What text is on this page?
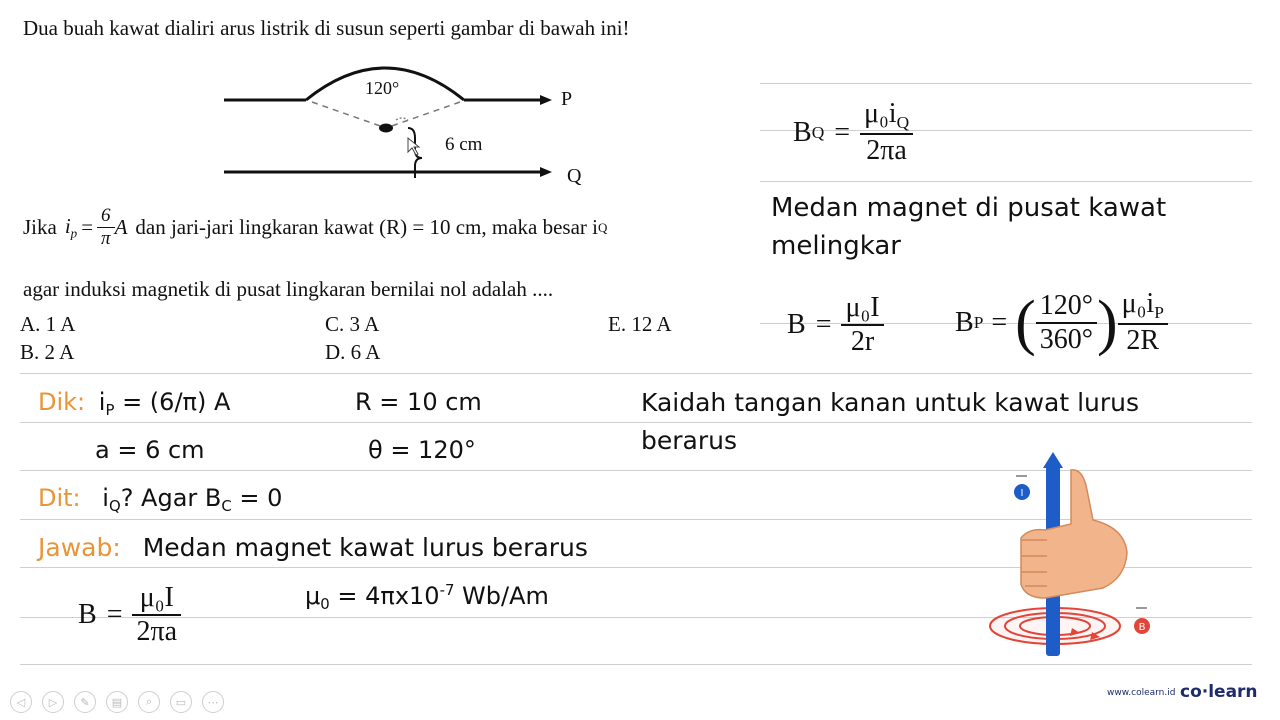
Dua buah kawat dialiri arus listrik di susun seperti gambar di bawah ini!
120°
6 cm
P
Q
Jika $i_p = \frac{6}{\pi}$ A dan jari-jari lingkaran kawat (R) = 10 cm, maka besar i Q
agar induksi magnetik di pusat lingkaran bernilai nol adalah ....
A. 1 A
B. 2 A
C. 3 A
D. 6 A
E. 12 A
B $Q = \frac{\mu_0i_Q}{2\pi a}$
Medan magnet di pusat kawat
melingkar
$B = \frac{\text{μ₀I}}{2r}$	B P = ( $\frac{120^\circ}{360^\circ}$ ) $\frac{\mu_0i_P}{2R}$
Dik: $i_P = (6/\pi)$ A	R = 10 cm
a = 6 cm	θ = 120°
Dit: $i_Q$? Agar $B_C = 0$
Jawab: Medan magnet kawat lurus berarus
$B = \frac{\text{μ₀I}}{2\pi a}$	$\mu_0 = 4\pi x10^{-7}$ Wb/Am
Kaidah tangan kanan untuk kawat lurus
berarus
I
B
◁	▷	✎	▤	⌕	▭	⋯
www.colearn.id co·learn
